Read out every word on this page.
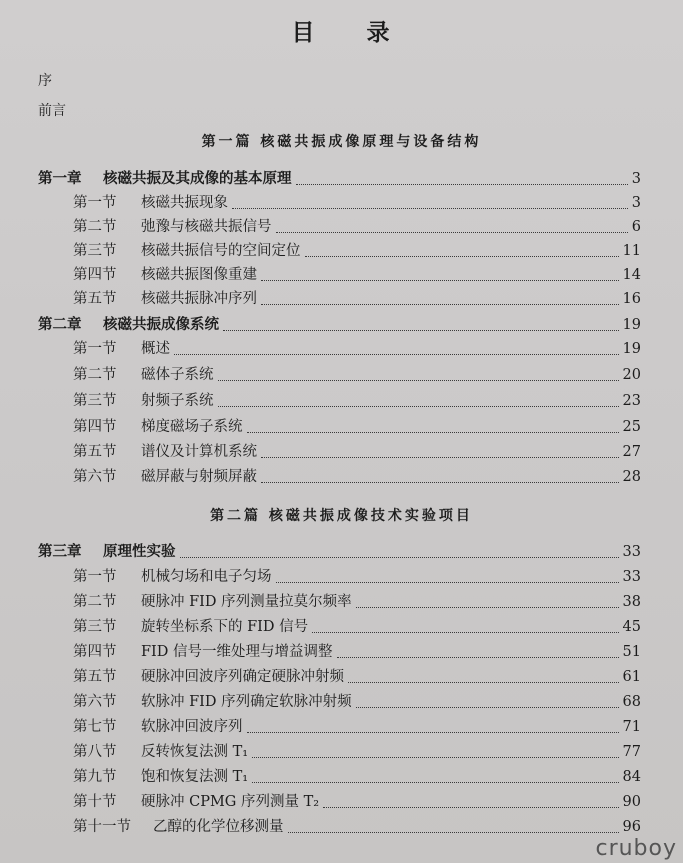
目 录
序
前言
第一篇 核磁共振成像原理与设备结构
第一章 核磁共振及其成像的基本原理	3
第一节 核磁共振现象	3
第二节 弛豫与核磁共振信号	6
第三节 核磁共振信号的空间定位	11
第四节 核磁共振图像重建	14
第五节 核磁共振脉冲序列	16
第二章 核磁共振成像系统	19
第一节 概述	19
第二节 磁体子系统	20
第三节 射频子系统	23
第四节 梯度磁场子系统	25
第五节 谱仪及计算机系统	27
第六节 磁屏蔽与射频屏蔽	28
第二篇 核磁共振成像技术实验项目
第三章 原理性实验	33
第一节 机械匀场和电子匀场	33
第二节 硬脉冲 FID 序列测量拉莫尔频率	38
第三节 旋转坐标系下的 FID 信号	45
第四节 FID 信号一维处理与增益调整	51
第五节 硬脉冲回波序列确定硬脉冲射频	61
第六节 软脉冲 FID 序列确定软脉冲射频	68
第七节 软脉冲回波序列	71
第八节 反转恢复法测 T₁	77
第九节 饱和恢复法测 T₁	84
第十节 硬脉冲 CPMG 序列测量 T₂	90
第十一节 乙醇的化学位移测量	96
cruboy
